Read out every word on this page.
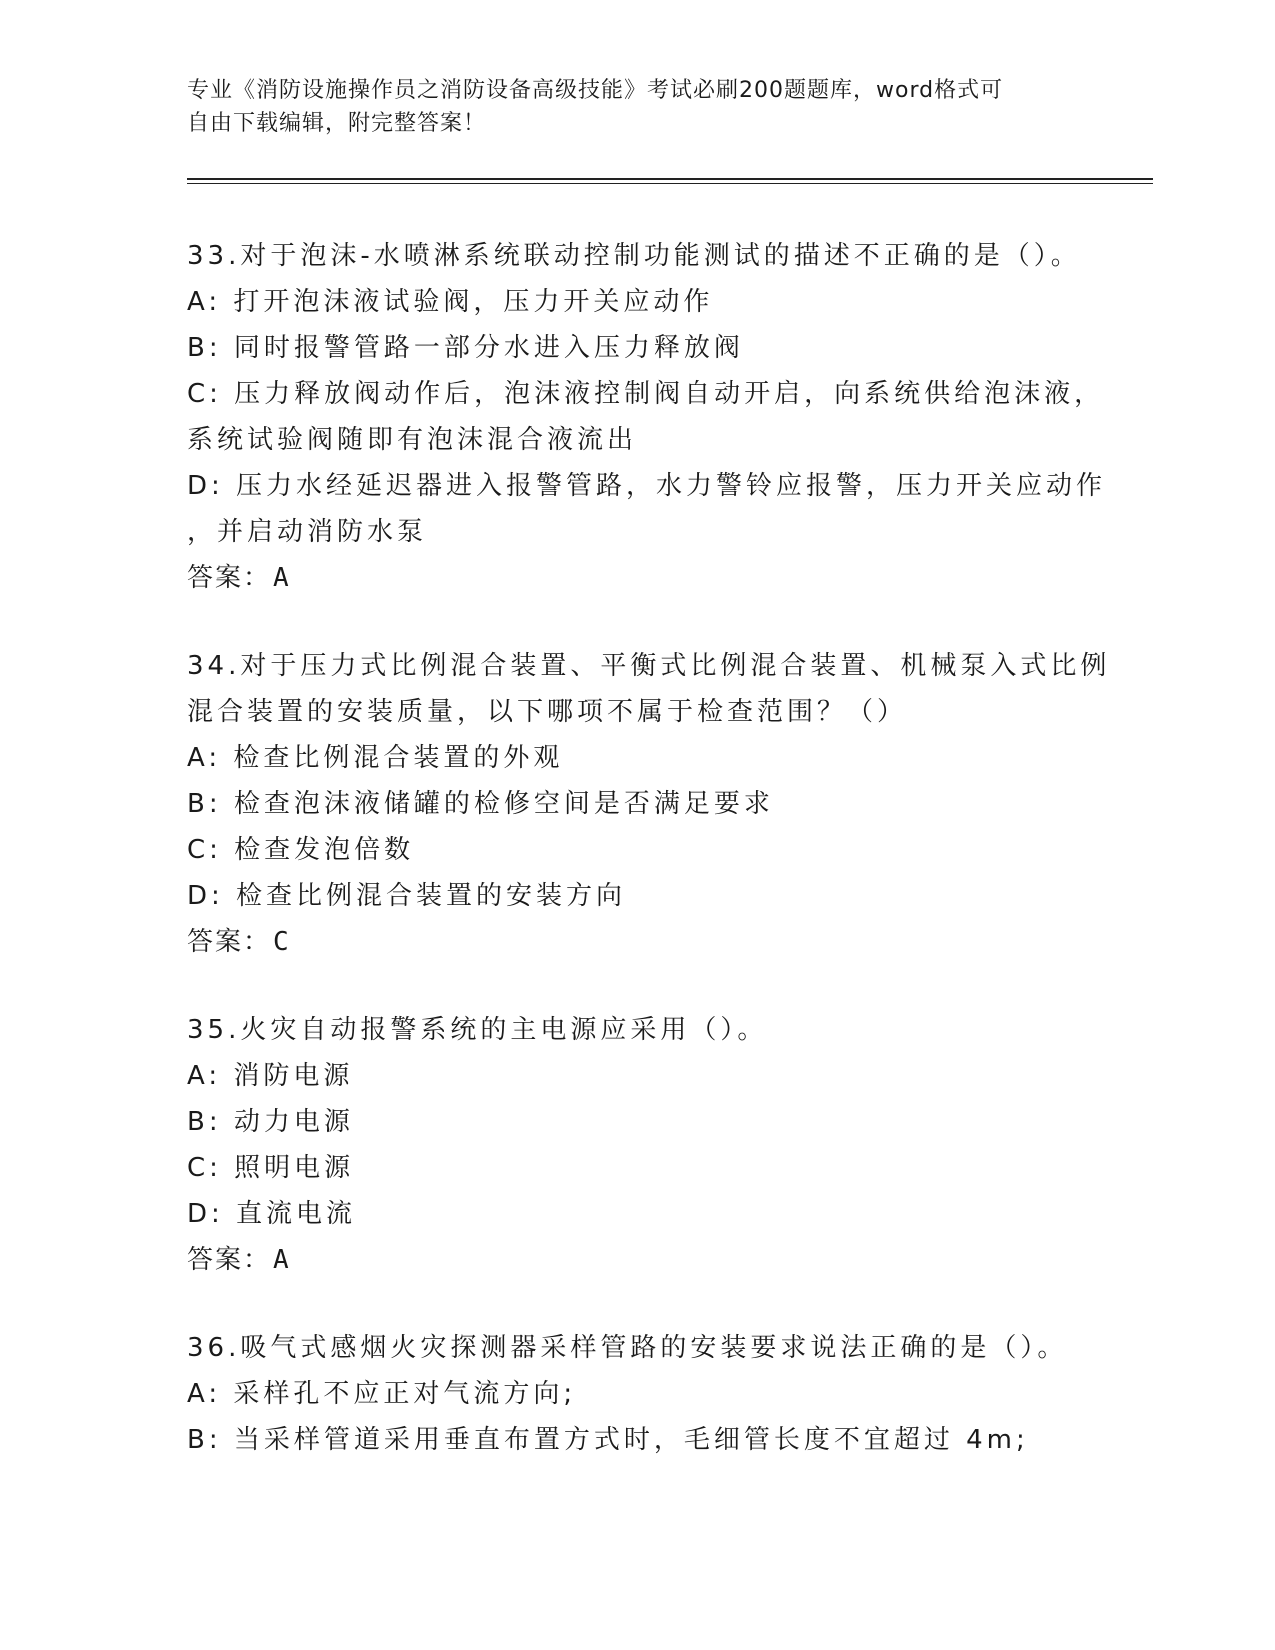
专业《消防设施操作员之消防设备高级技能》考试必刷200题题库，word格式可
自由下载编辑，附完整答案！
33.对于泡沫-水喷淋系统联动控制功能测试的描述不正确的是（）。
A: 打开泡沫液试验阀，压力开关应动作
B: 同时报警管路一部分水进入压力释放阀
C: 压力释放阀动作后，泡沫液控制阀自动开启，向系统供给泡沫液，
系统试验阀随即有泡沫混合液流出
D: 压力水经延迟器进入报警管路，水力警铃应报警，压力开关应动作
，并启动消防水泵
答案：A
34.对于压力式比例混合装置、平衡式比例混合装置、机械泵入式比例
混合装置的安装质量，以下哪项不属于检查范围？（）
A: 检查比例混合装置的外观
B: 检查泡沫液储罐的检修空间是否满足要求
C: 检查发泡倍数
D: 检查比例混合装置的安装方向
答案：C
35.火灾自动报警系统的主电源应采用（）。
A: 消防电源
B: 动力电源
C: 照明电源
D: 直流电流
答案：A
36.吸气式感烟火灾探测器采样管路的安装要求说法正确的是（）。
A: 采样孔不应正对气流方向;
B: 当采样管道采用垂直布置方式时，毛细管长度不宜超过 4m;
